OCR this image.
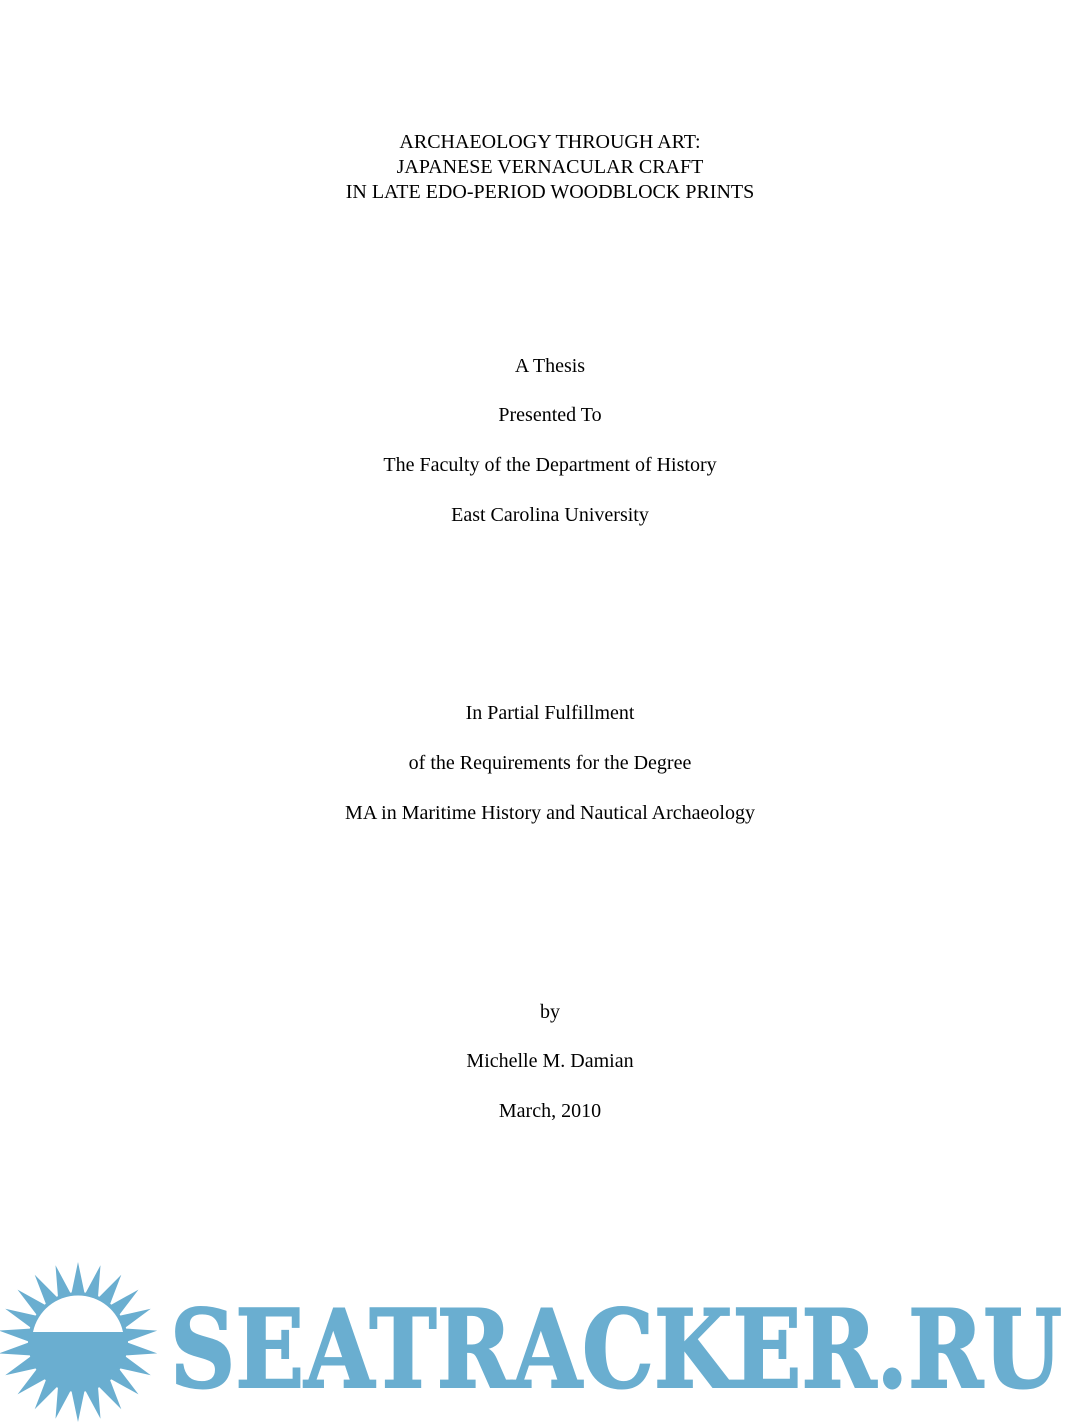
ARCHAEOLOGY THROUGH ART:
JAPANESE VERNACULAR CRAFT
IN LATE EDO-PERIOD WOODBLOCK PRINTS
A Thesis
Presented To
The Faculty of the Department of History
East Carolina University
In Partial Fulfillment
of the Requirements for the Degree
MA in Maritime History and Nautical Archaeology
by
Michelle M. Damian
March, 2010
SEATRACKER.RU
